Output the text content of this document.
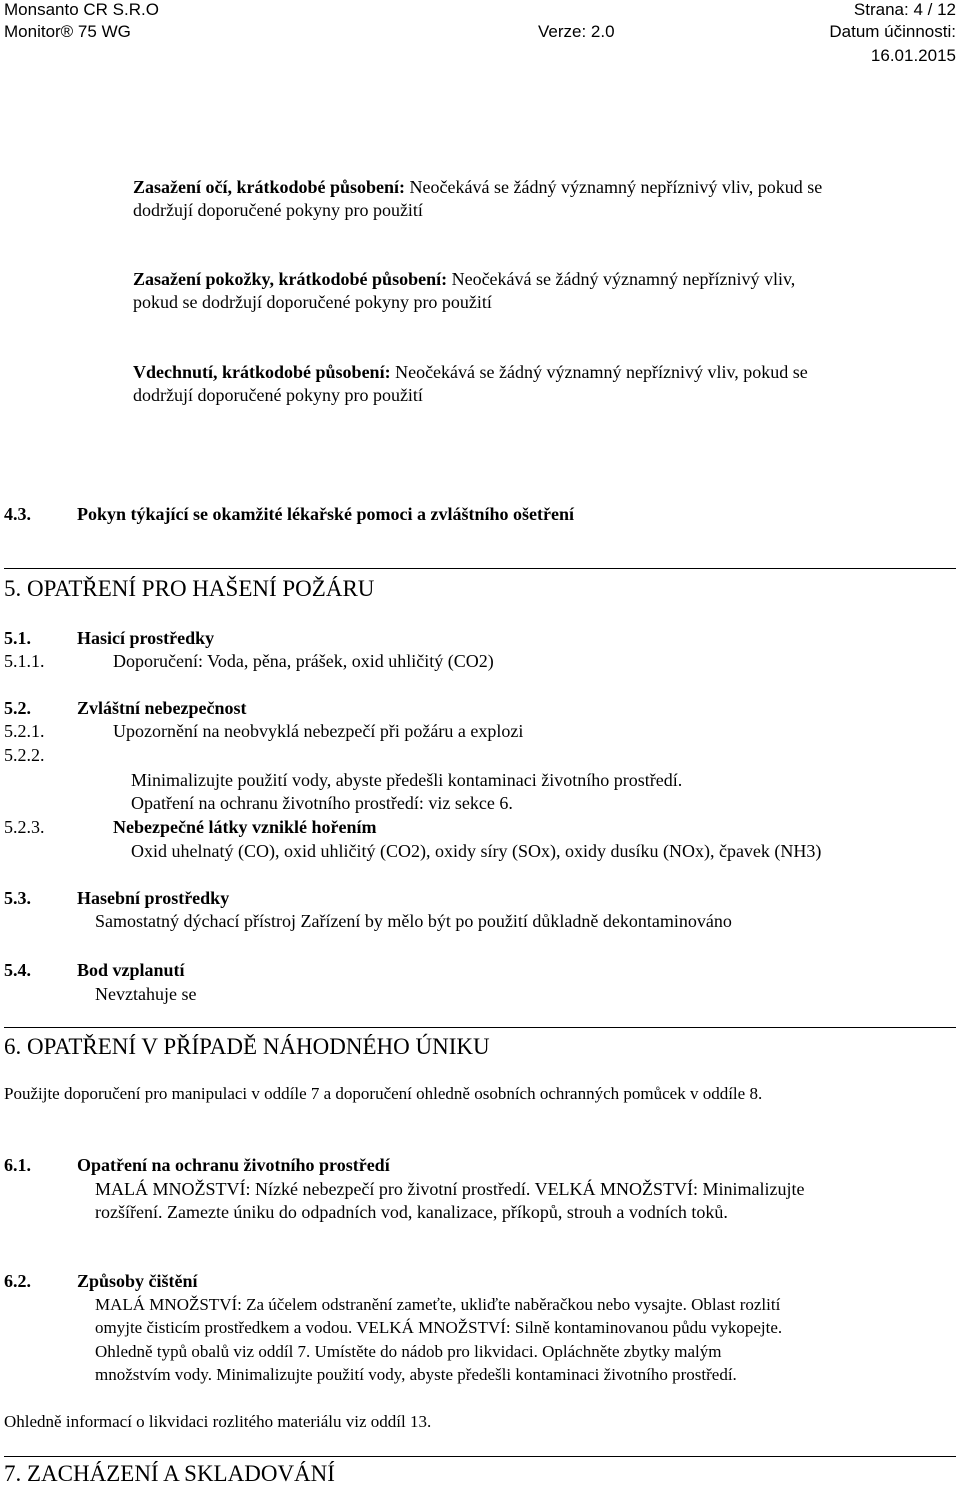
Monsanto CR S.R.O
Monitor® 75 WG
Strana: 4 / 12
Verze: 2.0	Datum účinnosti:
16.01.2015
Zasažení očí, krátkodobé působení: Neočekává se žádný významný nepříznivý vliv, pokud se
dodržují doporučené pokyny pro použití
Zasažení pokožky, krátkodobé působení: Neočekává se žádný významný nepříznivý vliv,
pokud se dodržují doporučené pokyny pro použití
Vdechnutí, krátkodobé působení: Neočekává se žádný významný nepříznivý vliv, pokud se
dodržují doporučené pokyny pro použití
4.3.	Pokyn týkající se okamžité lékařské pomoci a zvláštního ošetření
5. OPATŘENÍ PRO HAŠENÍ POŽÁRU
5.1.	Hasicí prostředky
5.1.1.	Doporučení: Voda, pěna, prášek, oxid uhličitý (CO2)
5.2.	Zvláštní nebezpečnost
5.2.1.	Upozornění na neobvyklá nebezpečí při požáru a explozi
5.2.2.
Minimalizujte použití vody, abyste předešli kontaminaci životního prostředí.
Opatření na ochranu životního prostředí: viz sekce 6.
5.2.3.	Nebezpečné látky vzniklé hořením
Oxid uhelnatý (CO), oxid uhličitý (CO2), oxidy síry (SOx), oxidy dusíku (NOx), čpavek (NH3)
5.3.	Hasební prostředky
Samostatný dýchací přístroj Zařízení by mělo být po použití důkladně dekontaminováno
5.4.	Bod vzplanutí
Nevztahuje se
6. OPATŘENÍ V PŘÍPADĚ NÁHODNÉHO ÚNIKU
Použijte doporučení pro manipulaci v oddíle 7 a doporučení ohledně osobních ochranných pomůcek v oddíle 8.
6.1.	Opatření na ochranu životního prostředí
MALÁ MNOŽSTVÍ: Nízké nebezpečí pro životní prostředí. VELKÁ MNOŽSTVÍ: Minimalizujte
rozšíření. Zamezte úniku do odpadních vod, kanalizace, příkopů, strouh a vodních toků.
6.2.	Způsoby čištění
MALÁ MNOŽSTVÍ: Za účelem odstranění zameťte, ukliďte naběračkou nebo vysajte. Oblast rozlití
omyjte čisticím prostředkem a vodou. VELKÁ MNOŽSTVÍ: Silně kontaminovanou půdu vykopejte.
Ohledně typů obalů viz oddíl 7. Umístěte do nádob pro likvidaci. Opláchněte zbytky malým
množstvím vody. Minimalizujte použití vody, abyste předešli kontaminaci životního prostředí.
Ohledně informací o likvidaci rozlitého materiálu viz oddíl 13.
7. ZACHÁZENÍ A SKLADOVÁNÍ
